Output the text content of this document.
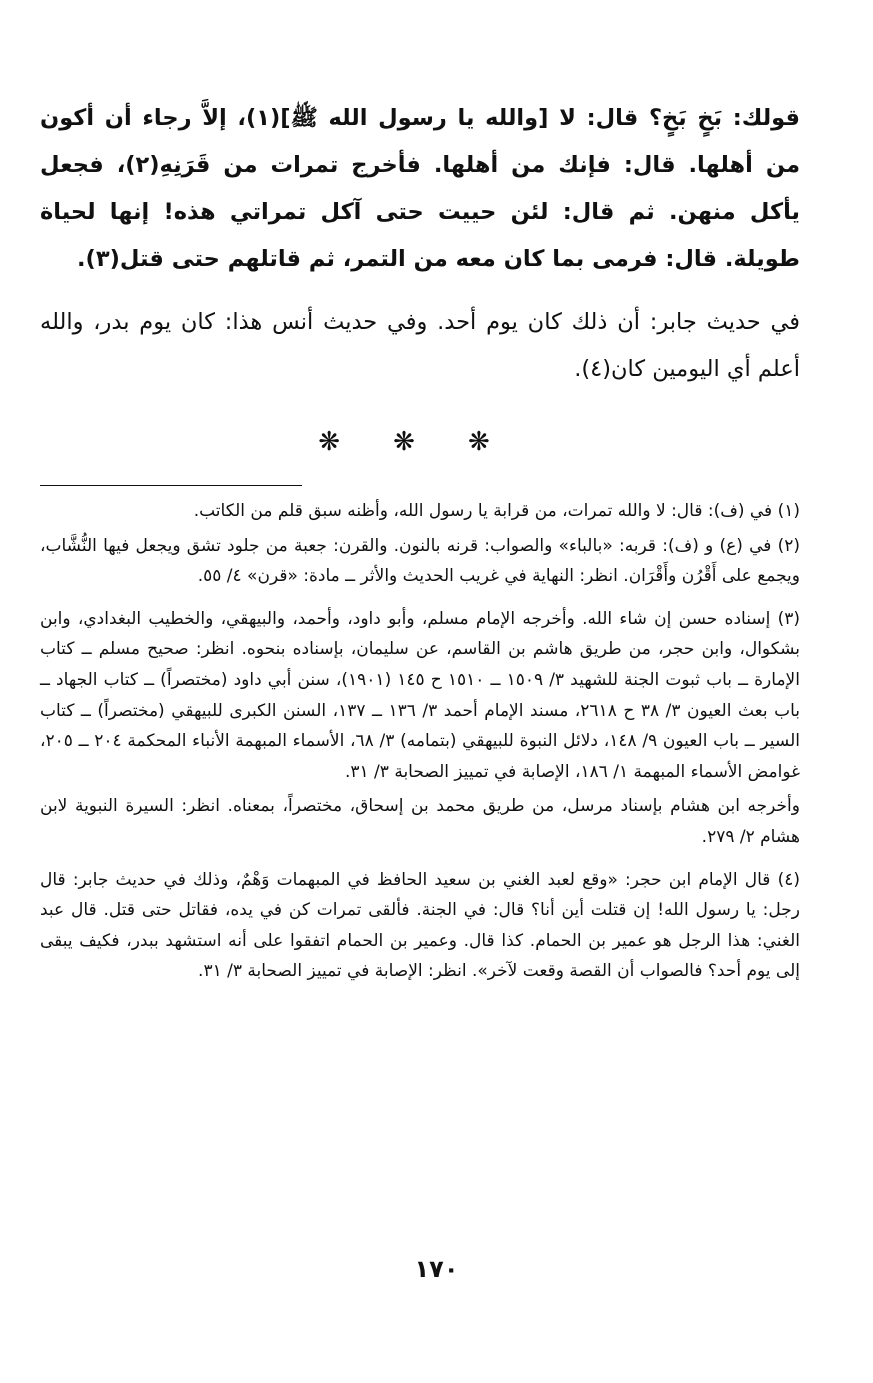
قولك: بَخٍ بَخٍ؟ قال: لا [والله يا رسول الله ﷺ](١)، إلاَّ رجاء أن أكون من أهلها. قال: فإنك من أهلها. فأخرج تمرات من قَرَنِهِ(٢)، فجعل يأكل منهن. ثم قال: لئن حييت حتى آكل تمراتي هذه! إنها لحياة طويلة. قال: فرمى بما كان معه من التمر، ثم قاتلهم حتى قتل(٣).

في حديث جابر: أن ذلك كان يوم أحد. وفي حديث أنس هذا: كان يوم بدر، والله أعلم أي اليومين كان(٤).

❋ ❋ ❋

(١) في (ف): قال: لا والله تمرات، من قرابة يا رسول الله، وأظنه سبق قلم من الكاتب.

(٢) في (ع) و (ف): قربه: «بالباء» والصواب: قرنه بالنون. والقرن: جعبة من جلود تشق ويجعل فيها النُّشَّاب، ويجمع على أَقْرُن وأَقْرَان. انظر: النهاية في غريب الحديث والأثر ــ مادة: «قرن» ٤/ ٥٥.

(٣) إسناده حسن إن شاء الله. وأخرجه الإمام مسلم، وأبو داود، وأحمد، والبيهقي، والخطيب البغدادي، وابن بشكوال، وابن حجر، من طريق هاشم بن القاسم، عن سليمان، بإسناده بنحوه. انظر: صحيح مسلم ــ كتاب الإمارة ــ باب ثبوت الجنة للشهيد ٣/ ١٥٠٩ ــ ١٥١٠ ح ١٤٥ (١٩٠١)، سنن أبي داود (مختصراً) ــ كتاب الجهاد ــ باب بعث العيون ٣/ ٣٨ ح ٢٦١٨، مسند الإمام أحمد ٣/ ١٣٦ ــ ١٣٧، السنن الكبرى للبيهقي (مختصراً) ــ كتاب السير ــ باب العيون ٩/ ١٤٨، دلائل النبوة للبيهقي (بتمامه) ٣/ ٦٨، الأسماء المبهمة الأنباء المحكمة ٢٠٤ ــ ٢٠٥، غوامض الأسماء المبهمة ١/ ١٨٦، الإصابة في تمييز الصحابة ٣/ ٣١.

وأخرجه ابن هشام بإسناد مرسل، من طريق محمد بن إسحاق، مختصراً، بمعناه. انظر: السيرة النبوية لابن هشام ٢/ ٢٧٩.

(٤) قال الإمام ابن حجر: «وقع لعبد الغني بن سعيد الحافظ في المبهمات وَهْمٌ، وذلك في حديث جابر: قال رجل: يا رسول الله! إن قتلت أين أنا؟ قال: في الجنة. فألقى تمرات كن في يده، فقاتل حتى قتل. قال عبد الغني: هذا الرجل هو عمير بن الحمام. كذا قال. وعمير بن الحمام اتفقوا على أنه استشهد ببدر، فكيف يبقى إلى يوم أحد؟ فالصواب أن القصة وقعت لآخر». انظر: الإصابة في تمييز الصحابة ٣/ ٣١.

١٧٠
